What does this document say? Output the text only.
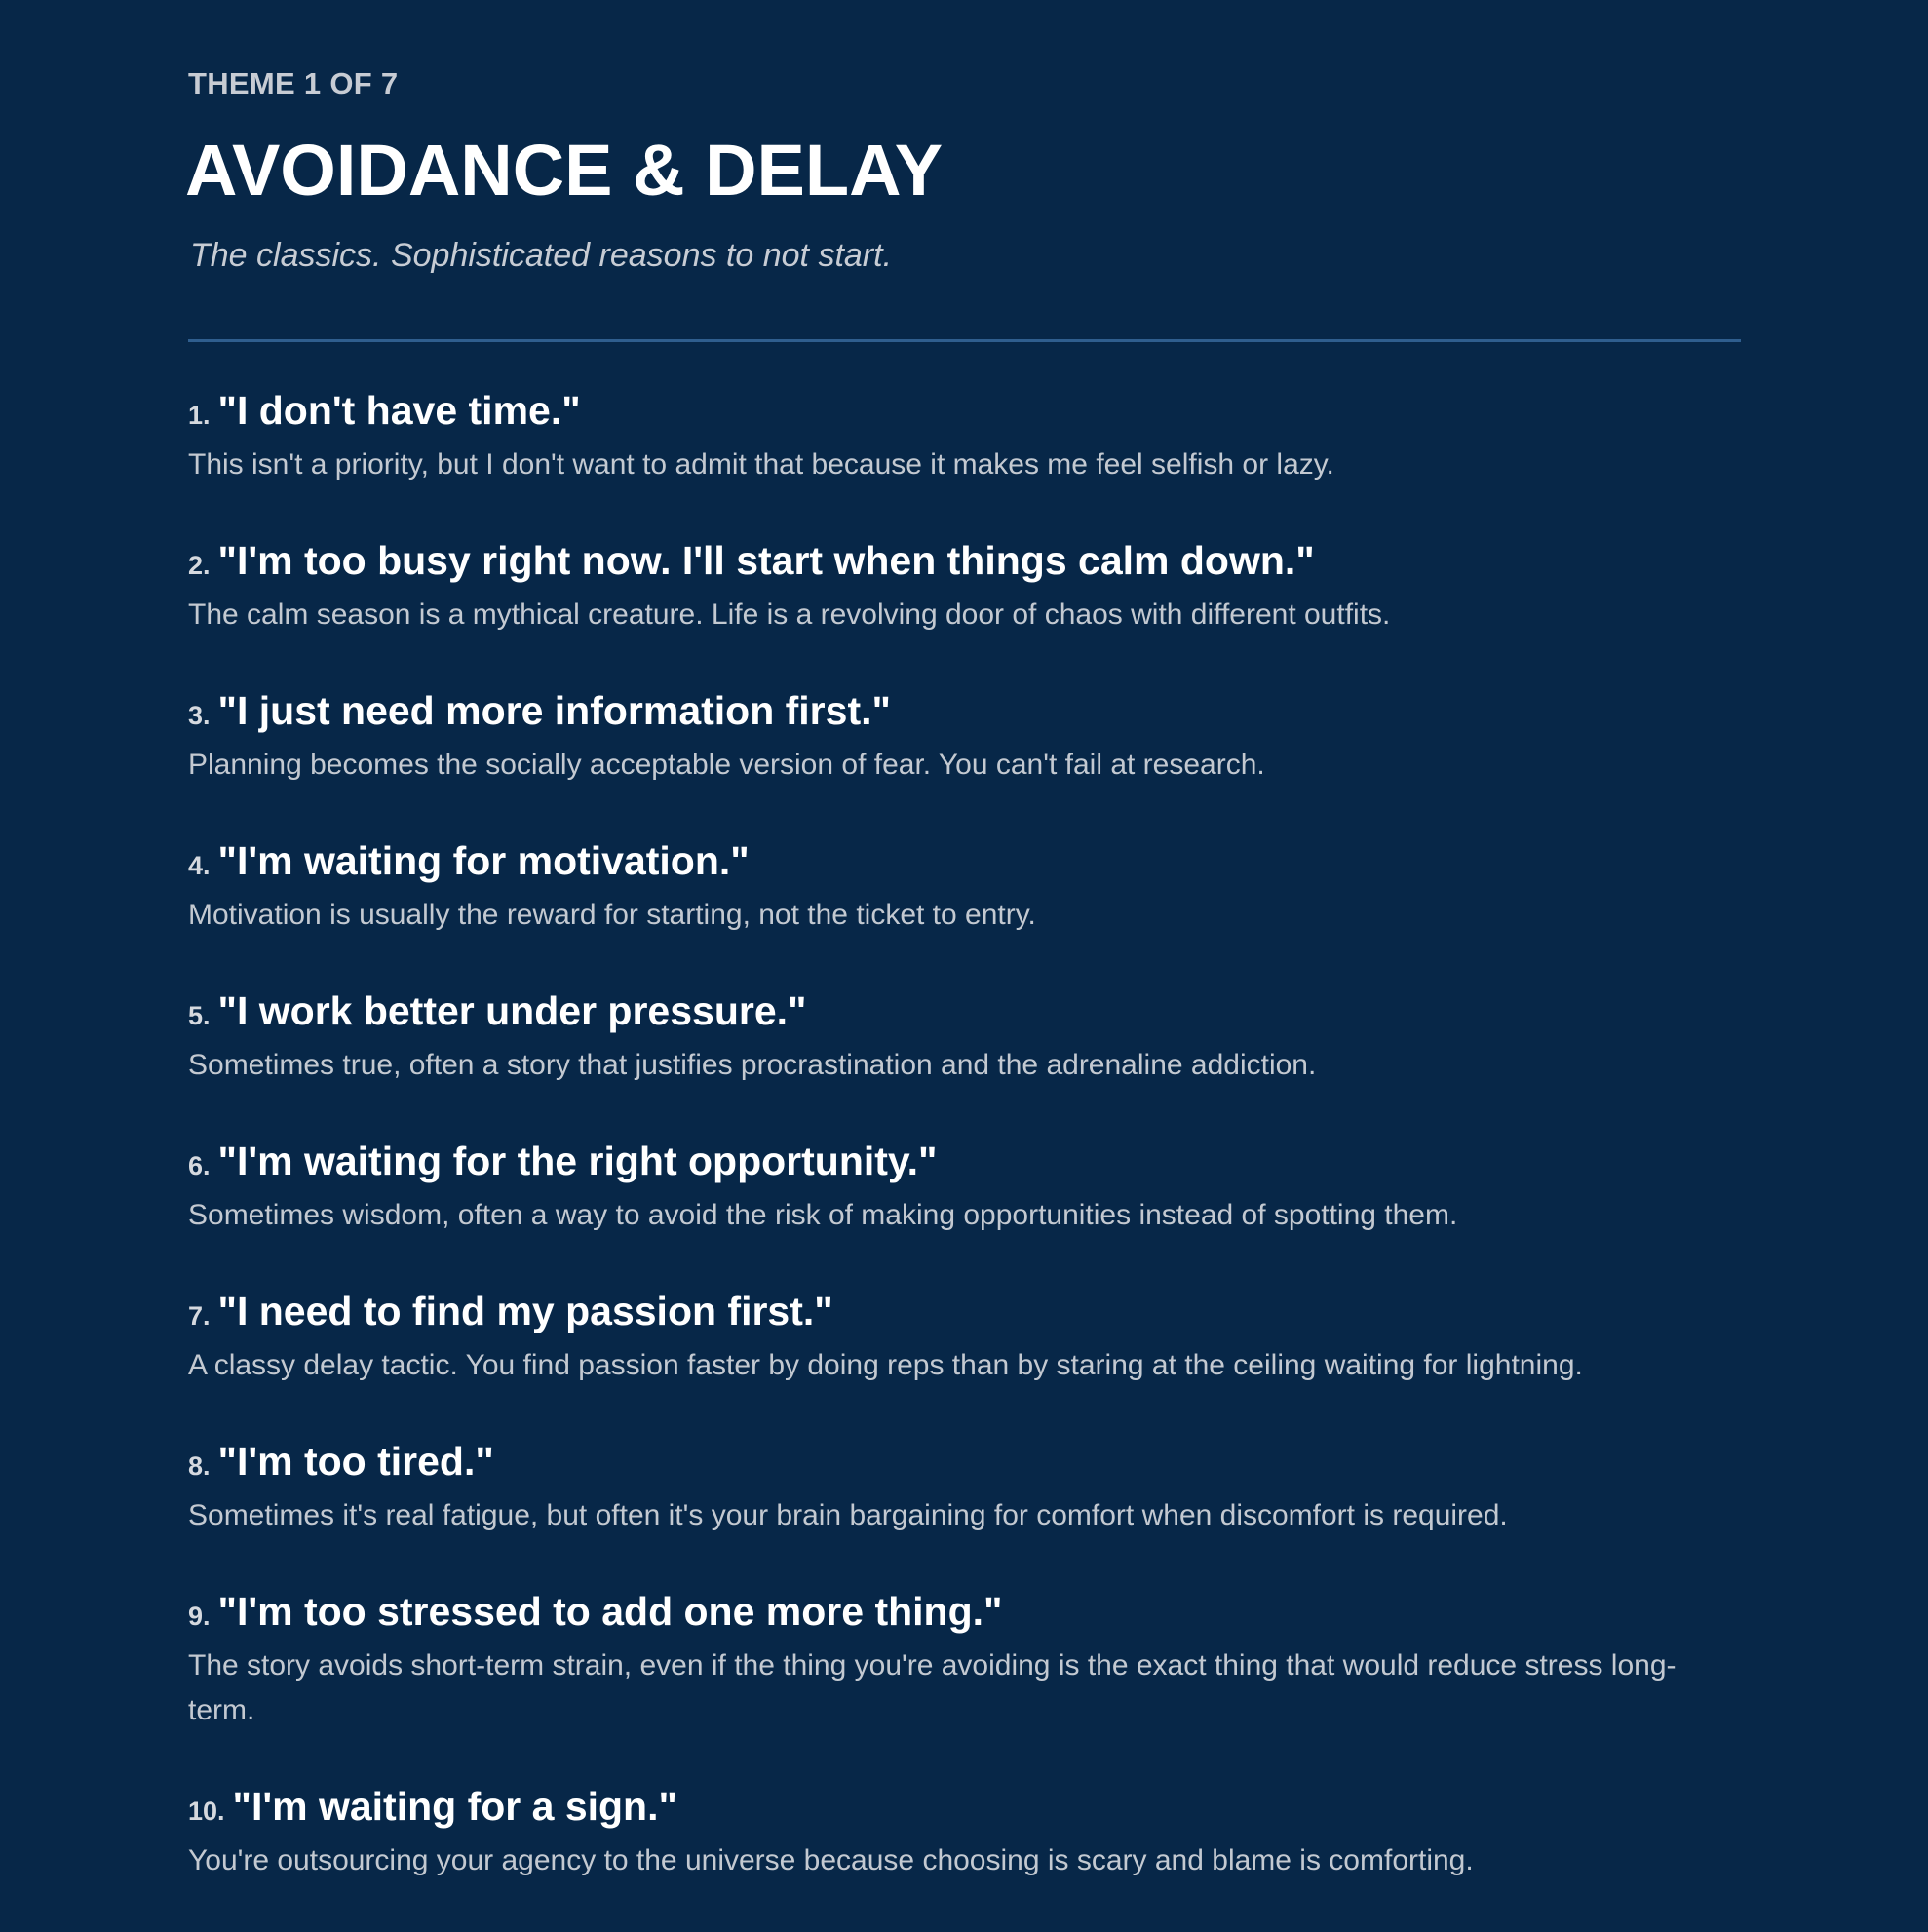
THEME 1 OF 7
AVOIDANCE & DELAY
The classics. Sophisticated reasons to not start.
1. "I don't have time."
This isn't a priority, but I don't want to admit that because it makes me feel selfish or lazy.
2. "I'm too busy right now. I'll start when things calm down."
The calm season is a mythical creature. Life is a revolving door of chaos with different outfits.
3. "I just need more information first."
Planning becomes the socially acceptable version of fear. You can't fail at research.
4. "I'm waiting for motivation."
Motivation is usually the reward for starting, not the ticket to entry.
5. "I work better under pressure."
Sometimes true, often a story that justifies procrastination and the adrenaline addiction.
6. "I'm waiting for the right opportunity."
Sometimes wisdom, often a way to avoid the risk of making opportunities instead of spotting them.
7. "I need to find my passion first."
A classy delay tactic. You find passion faster by doing reps than by staring at the ceiling waiting for lightning.
8. "I'm too tired."
Sometimes it's real fatigue, but often it's your brain bargaining for comfort when discomfort is required.
9. "I'm too stressed to add one more thing."
The story avoids short-term strain, even if the thing you're avoiding is the exact thing that would reduce stress long-term.
10. "I'm waiting for a sign."
You're outsourcing your agency to the universe because choosing is scary and blame is comforting.
